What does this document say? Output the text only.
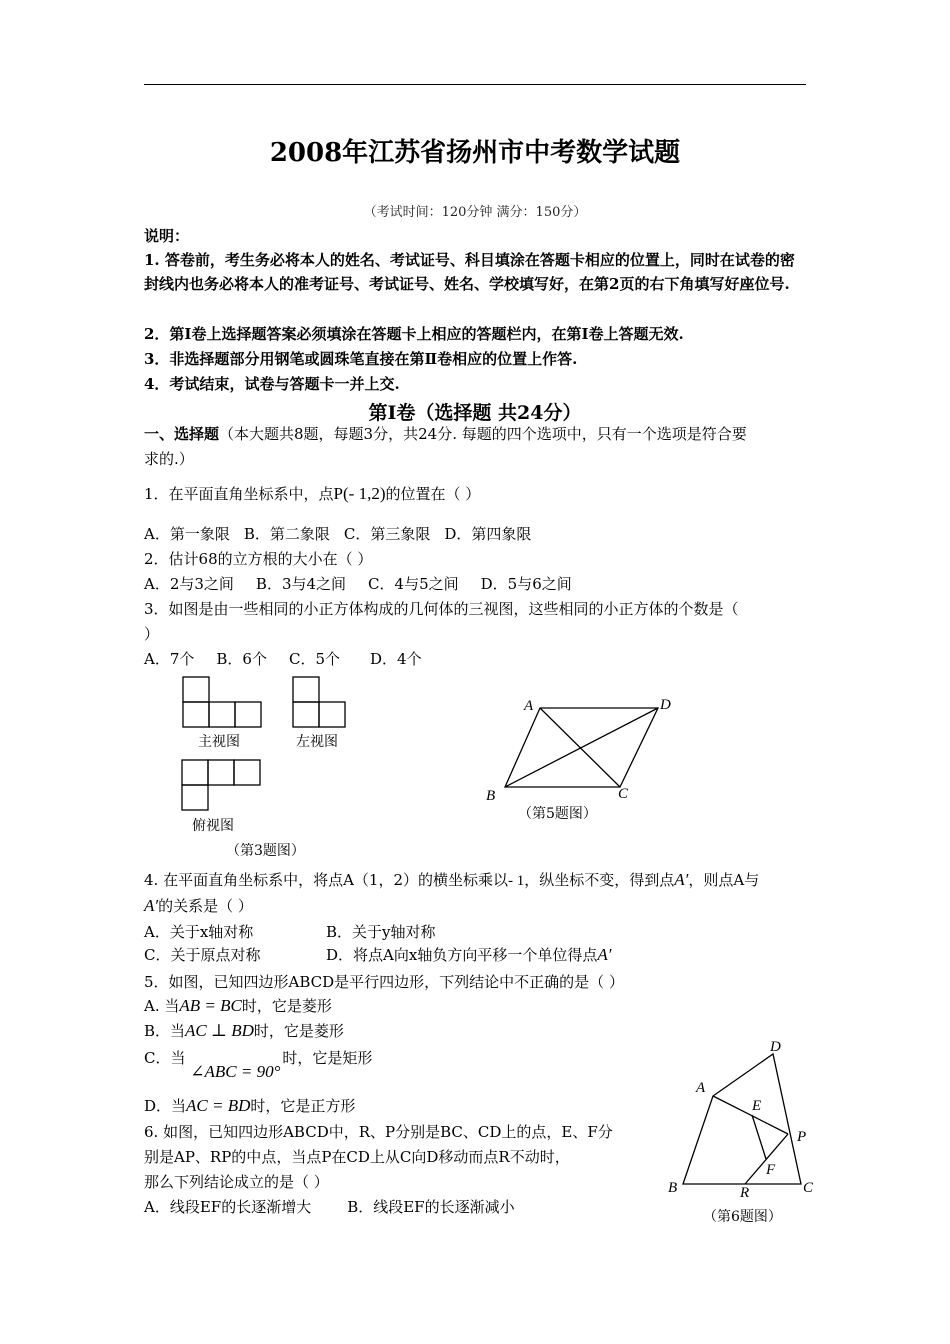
2008年江苏省扬州市中考数学试题
（考试时间：120分钟 满分：150分）
说明：
1. 答卷前，考生务必将本人的姓名、考试证号、科目填涂在答题卡相应的位置上，同时在试卷的密封线内也务必将本人的准考证号、考试证号、姓名、学校填写好，在第2页的右下角填写好座位号.
2．第Ⅰ卷上选择题答案必须填涂在答题卡上相应的答题栏内，在第Ⅰ卷上答题无效.
3．非选择题部分用钢笔或圆珠笔直接在第Ⅱ卷相应的位置上作答.
4．考试结束，试卷与答题卡一并上交.
第Ⅰ卷（选择题 共24分）
一、选择题（本大题共8题，每题3分，共24分. 每题的四个选项中，只有一个选项是符合要
求的.）
1．在平面直角坐标系中，点P(- 1,2)的位置在（ ）
A．第一象限 B．第二象限 C．第三象限 D．第四象限
2．估计68的立方根的大小在（ ）
A．2与3之间 B．3与4之间 C．4与5之间 D．5与6之间
3．如图是由一些相同的小正方体构成的几何体的三视图，这些相同的小正方体的个数是（
）
A．7个 B．6个 C．5个 D．4个
主视图	左视图
俯视图
（第3题图）
A	D
B	C
（第5题图）
4. 在平面直角坐标系中，将点A（1，2）的横坐标乘以- 1，纵坐标不变，得到点A′，则点A与
A′的关系是（ ）
A．关于x轴对称	B．关于y轴对称
C．关于原点对称	D．将点A向x轴负方向平移一个单位得点A′
5．如图，已知四边形ABCD是平行四边形，下列结论中不正确的是（ ）
A. 当AB = BC时，它是菱形
B．当AC ⊥ BD时，它是菱形
C．当 ∠ABC = 90°时，它是矩形
D．当AC = BD时，它是正方形
6. 如图，已知四边形ABCD中，R、P分别是BC、CD上的点，E、F分
别是AP、RP的中点，当点P在CD上从C向D移动而点R不动时，
那么下列结论成立的是（ ）
A．线段EF的长逐渐增大 B．线段EF的长逐渐减小
D
A
E
P
F
B	R	C
（第6题图）
